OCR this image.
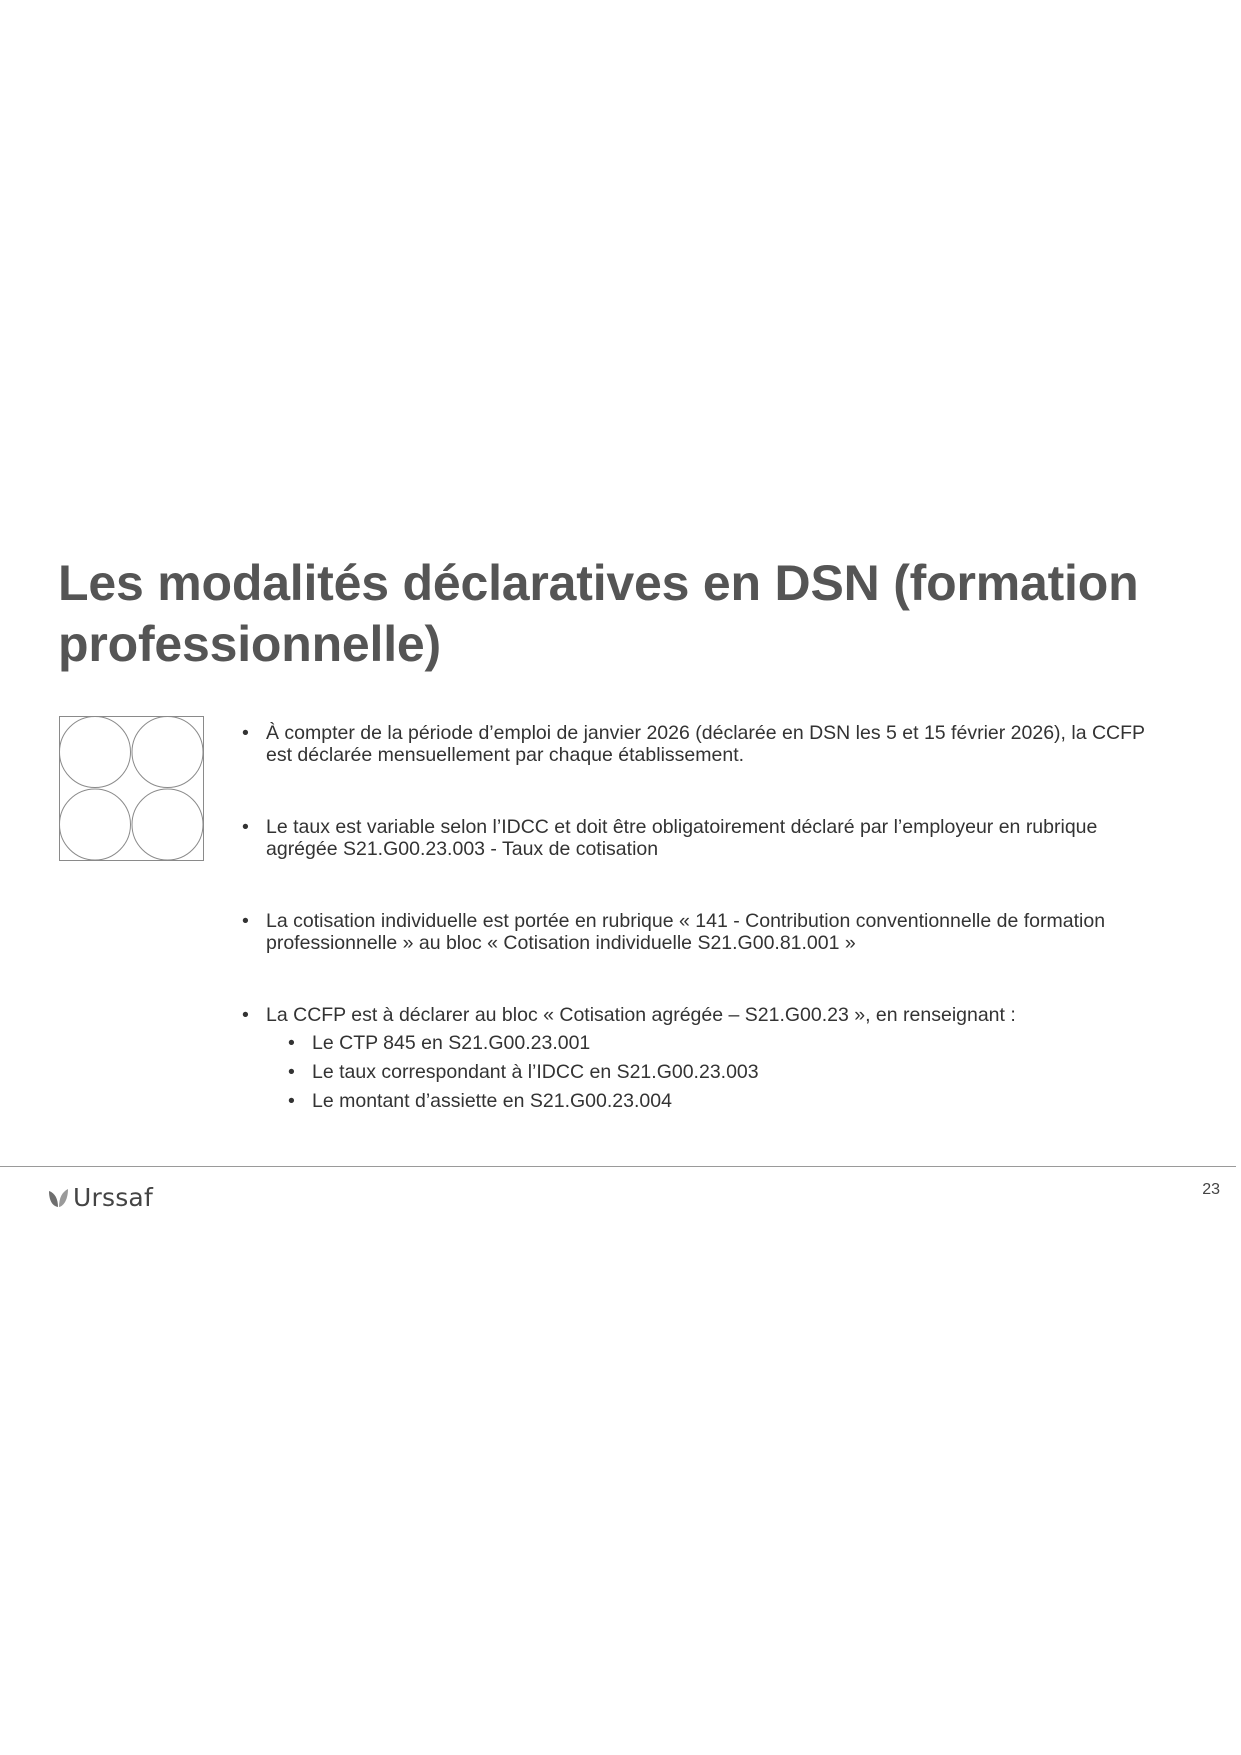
Les modalités déclaratives en DSN (formation
professionnelle)
• À compter de la période d’emploi de janvier 2026 (déclarée en DSN les 5 et 15 février 2026), la CCFP est déclarée mensuellement par chaque établissement.
• Le taux est variable selon l’IDCC et doit être obligatoirement déclaré par l’employeur en rubrique agrégée S21.G00.23.003 - Taux de cotisation
• La cotisation individuelle est portée en rubrique « 141 - Contribution conventionnelle de formation professionnelle » au bloc « Cotisation individuelle S21.G00.81.001 »
• La CCFP est à déclarer au bloc « Cotisation agrégée – S21.G00.23 », en renseignant :
• Le CTP 845 en S21.G00.23.001
• Le taux correspondant à l’IDCC en S21.G00.23.003
• Le montant d’assiette en S21.G00.23.004
Urssaf	23
